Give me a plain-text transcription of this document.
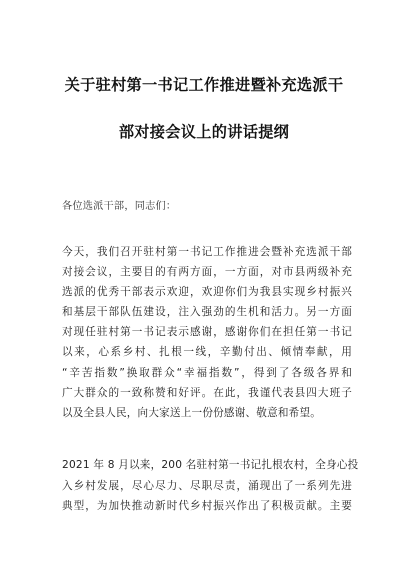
关于驻村第一书记工作推进暨补充选派干
部对接会议上的讲话提纲
各位选派干部，同志们：
今天，我们召开驻村第一书记工作推进会暨补充选派干部
对接会议，主要目的有两方面，一方面，对市县两级补充
选派的优秀干部表示欢迎，欢迎你们为我县实现乡村振兴
和基层干部队伍建设，注入强劲的生机和活力。另一方面
对现任驻村第一书记表示感谢，感谢你们在担任第一书记
以来，心系乡村、扎根一线，辛勤付出、倾情奉献，用
“辛苦指数”换取群众“幸福指数”，得到了各级各界和
广大群众的一致称赞和好评。在此，我谨代表县四大班子
以及全县人民，向大家送上一份份感谢、敬意和希望。
2021 年 8 月以来，200 名驻村第一书记扎根农村，全身心投
入乡村发展，尽心尽力、尽职尽责，涌现出了一系列先进
典型，为加快推动新时代乡村振兴作出了积极贡献。主要
